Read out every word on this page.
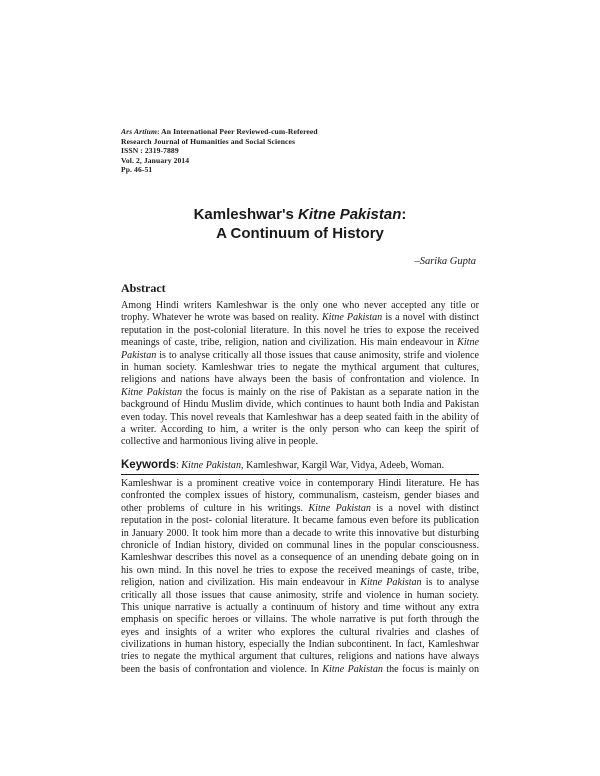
Ars Artium: An International Peer Reviewed-cum-Refereed
Research Journal of Humanities and Social Sciences
ISSN : 2319-7889
Vol. 2, January 2014
Pp. 46-51
Kamleshwar's Kitne Pakistan:
A Continuum of History
–Sarika Gupta
Abstract
Among Hindi writers Kamleshwar is the only one who never accepted any title or
trophy. Whatever he wrote was based on reality. Kitne Pakistan is a novel with distinct
reputation in the post-colonial literature. In this novel he tries to expose the received
meanings of caste, tribe, religion, nation and civilization. His main endeavour in Kitne
Pakistan is to analyse critically all those issues that cause animosity, strife and violence
in human society. Kamleshwar tries to negate the mythical argument that cultures,
religions and nations have always been the basis of confrontation and violence. In
Kitne Pakistan the focus is mainly on the rise of Pakistan as a separate nation in the
background of Hindu Muslim divide, which continues to haunt both India and Pakistan
even today. This novel reveals that Kamleshwar has a deep seated faith in the ability of
a writer. According to him, a writer is the only person who can keep the spirit of
collective and harmonious living alive in people.
Keywords: Kitne Pakistan, Kamleshwar, Kargil War, Vidya, Adeeb, Woman.
Kamleshwar is a prominent creative voice in contemporary Hindi literature. He has
confronted the complex issues of history, communalism, casteism, gender biases and
other problems of culture in his writings. Kitne Pakistan is a novel with distinct
reputation in the post- colonial literature. It became famous even before its publication
in January 2000. It took him more than a decade to write this innovative but disturbing
chronicle of Indian history, divided on communal lines in the popular consciousness.
Kamleshwar describes this novel as a consequence of an unending debate going on in
his own mind. In this novel he tries to expose the received meanings of caste, tribe,
religion, nation and civilization. His main endeavour in Kitne Pakistan is to analyse
critically all those issues that cause animosity, strife and violence in human society.
This unique narrative is actually a continuum of history and time without any extra
emphasis on specific heroes or villains. The whole narrative is put forth through the
eyes and insights of a writer who explores the cultural rivalries and clashes of
civilizations in human history, especially the Indian subcontinent. In fact, Kamleshwar
tries to negate the mythical argument that cultures, religions and nations have always
been the basis of confrontation and violence. In Kitne Pakistan the focus is mainly on
